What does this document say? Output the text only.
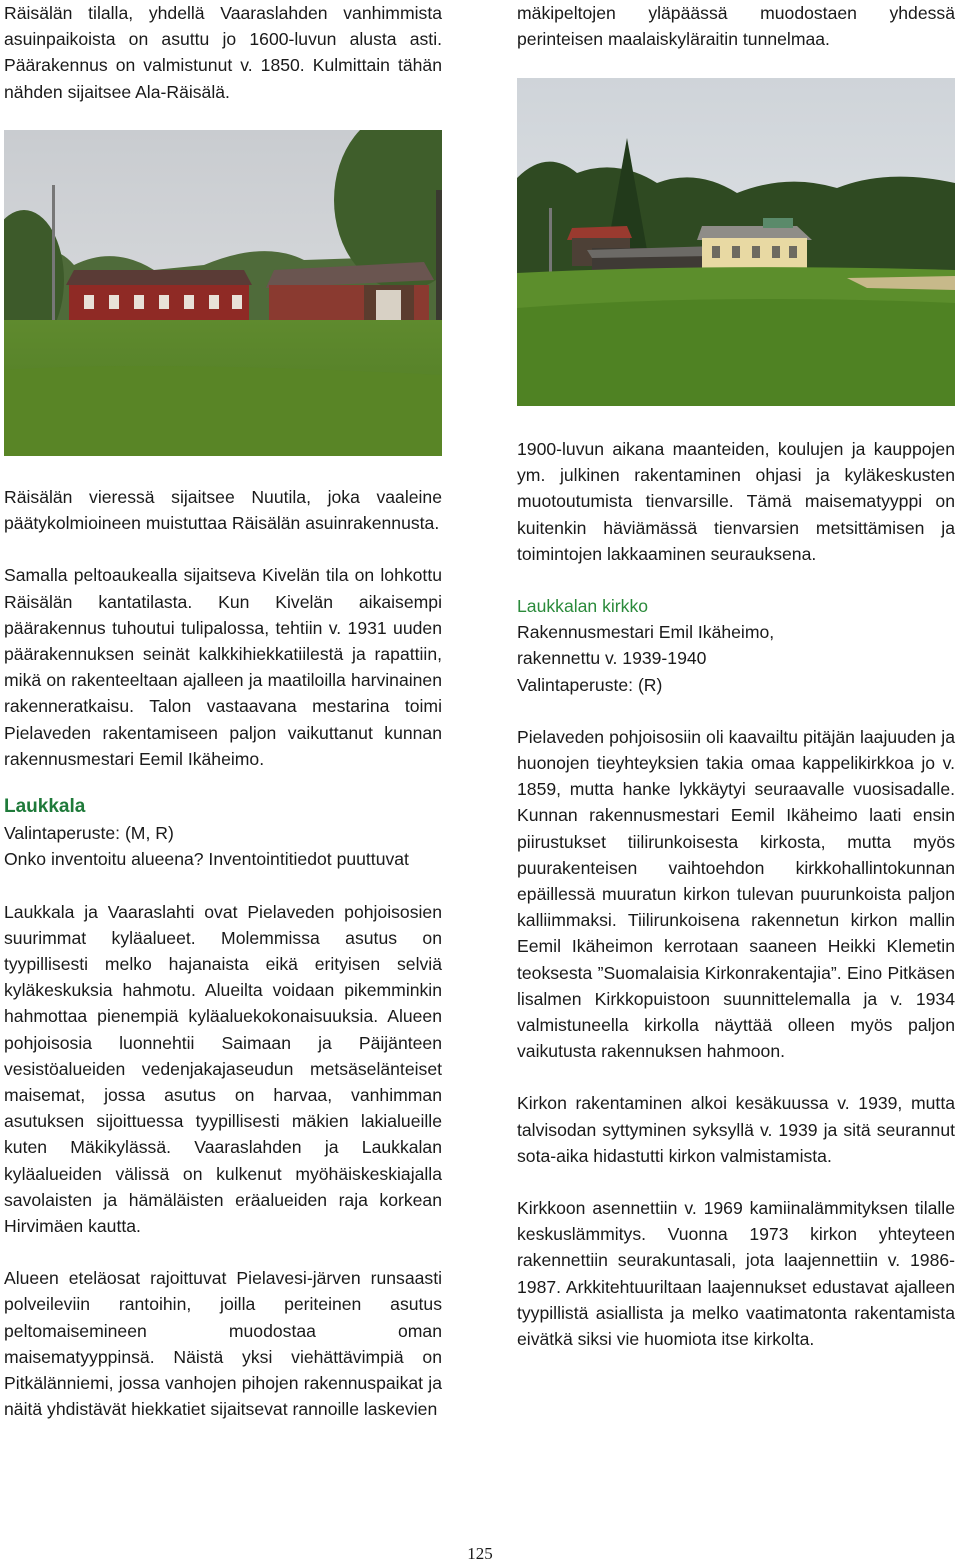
Räisälän tilalla, yhdellä Vaaraslahden vanhimmista asuinpaikoista on asuttu jo 1600-luvun alusta asti. Päärakennus on valmistunut v. 1850. Kulmittain tähän nähden sijaitsee Ala-Räisälä.

mäkipeltojen yläpäässä muodostaen yhdessä perinteisen maalaiskyläraitin tunnelmaa.

Räisälän vieressä sijaitsee Nuutila, joka vaaleine päätykolmioineen muistuttaa Räisälän asuinrakennusta.

Samalla peltoaukealla sijaitseva Kivelän tila on lohkottu Räisälän kantatilasta. Kun Kivelän aikaisempi päärakennus tuhoutui tulipalossa, tehtiin v. 1931 uuden päärakennuksen seinät kalkkihiekkatiilestä ja rapattiin, mikä on rakenteeltaan ajalleen ja maatiloilla harvinainen rakenneratkaisu. Talon vastaavana mestarina toimi Pielaveden rakentamiseen paljon vaikuttanut kunnan rakennusmestari Eemil Ikäheimo.

Laukkala

Valintaperuste: (M, R)

Onko inventoitu alueena? Inventointitiedot puuttuvat

Laukkala ja Vaaraslahti ovat Pielaveden pohjoisosien suurimmat kyläalueet. Molemmissa asutus on tyypillisesti melko hajanaista eikä erityisen selviä kyläkeskuksia hahmotu. Alueilta voidaan pikemminkin hahmottaa pienempiä kyläaluekokonaisuuksia. Alueen pohjoisosia luonnehtii Saimaan ja Päijänteen vesistöalueiden vedenjakajaseudun metsäselänteiset maisemat, jossa asutus on harvaa, vanhimman asutuksen sijoittuessa tyypillisesti mäkien lakialueille kuten Mäkikylässä. Vaaraslahden ja Laukkalan kyläalueiden välissä on kulkenut myöhäiskeskiajalla savolaisten ja hämäläisten eräalueiden raja korkean Hirvimäen kautta.

Alueen eteläosat rajoittuvat Pielavesi-järven runsaasti polveileviin rantoihin, joilla periteinen asutus peltomaisemineen muodostaa oman maisematyyppinsä. Näistä yksi viehättävimpiä on Pitkälänniemi, jossa vanhojen pihojen rakennuspaikat ja näitä yhdistävät hiekkatiet sijaitsevat rannoille laskevien

1900-luvun aikana maanteiden, koulujen ja kauppojen ym. julkinen rakentaminen ohjasi ja kyläkeskusten muotoutumista tienvarsille. Tämä maisematyyppi on kuitenkin häviämässä tienvarsien metsittämisen ja toimintojen lakkaaminen seurauksena.

Laukkalan kirkko

Rakennusmestari Emil Ikäheimo,

rakennettu v. 1939-1940

Valintaperuste: (R)

Pielaveden pohjoisosiin oli kaavailtu pitäjän laajuuden ja huonojen tieyhteyksien takia omaa kappelikirkkoa jo v. 1859, mutta hanke lykkäytyi seuraavalle vuosisadalle. Kunnan rakennusmestari Eemil Ikäheimo laati ensin piirustukset tiilirunkoisesta kirkosta, mutta myös puurakenteisen vaihtoehdon kirkkohallintokunnan epäillessä muuratun kirkon tulevan puurunkoista paljon kalliimmaksi. Tiilirunkoisena rakennetun kirkon mallin Eemil Ikäheimon kerrotaan saaneen Heikki Klemetin teoksesta ”Suomalaisia Kirkonrakentajia”. Eino Pitkäsen lisalmen Kirkkopuistoon suunnittelemalla ja v. 1934 valmistuneella kirkolla näyttää olleen myös paljon vaikutusta rakennuksen hahmoon.

Kirkon rakentaminen alkoi kesäkuussa v. 1939, mutta talvisodan syttyminen syksyllä v. 1939 ja sitä seurannut sota-aika hidastutti kirkon valmistamista.

Kirkkoon asennettiin v. 1969 kamiinalämmityksen tilalle keskuslämmitys. Vuonna 1973 kirkon yhteyteen rakennettiin seurakuntasali, jota laajennettiin v. 1986-1987. Arkkitehtuuriltaan laajennukset edustavat ajalleen tyypillistä asiallista ja melko vaatimatonta rakentamista eivätkä siksi vie huomiota itse kirkolta.

125
